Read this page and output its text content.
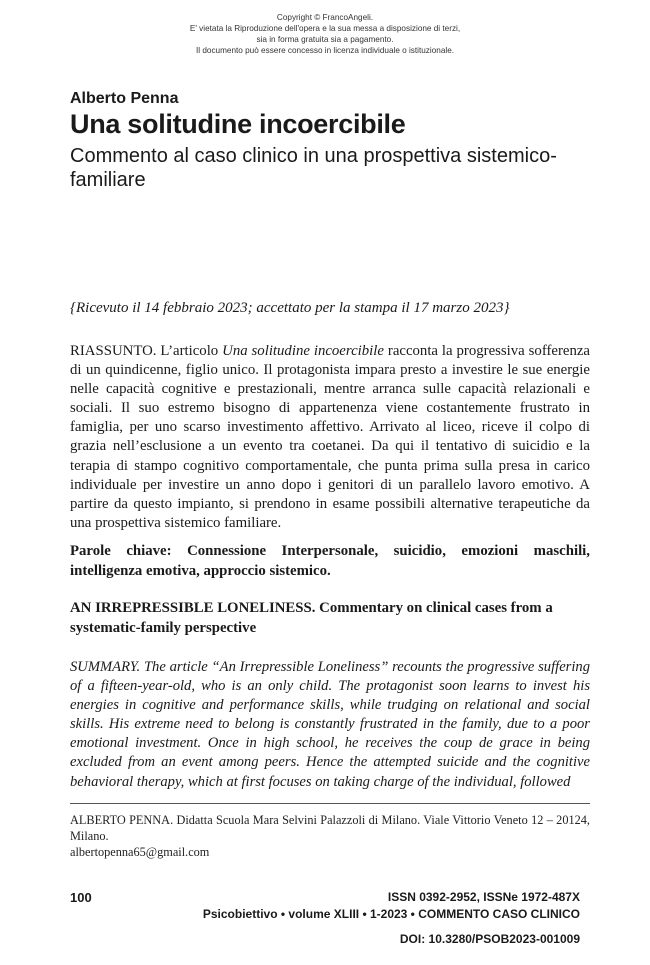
Copyright © FrancoAngeli.
E' vietata la Riproduzione dell'opera e la sua messa a disposizione di terzi,
sia in forma gratuita sia a pagamento.
Il documento può essere concesso in licenza individuale o istituzionale.
Alberto Penna
Una solitudine incoercibile
Commento al caso clinico in una prospettiva sistemico-familiare
{Ricevuto il 14 febbraio 2023; accettato per la stampa il 17 marzo 2023}
RIASSUNTO. L’articolo Una solitudine incoercibile racconta la progressiva sofferenza di un quindicenne, figlio unico. Il protagonista impara presto a investire le sue energie nelle capacità cognitive e prestazionali, mentre arranca sulle capacità relazionali e sociali. Il suo estremo bisogno di appartenenza viene costantemente frustrato in famiglia, per uno scarso investimento affettivo. Arrivato al liceo, riceve il colpo di grazia nell’esclusione a un evento tra coetanei. Da qui il tentativo di suicidio e la terapia di stampo cognitivo comportamentale, che punta prima sulla presa in carico individuale per investire un anno dopo i genitori di un parallelo lavoro emotivo. A partire da questo impianto, si prendono in esame possibili alternative terapeutiche da una prospettiva sistemico familiare.
Parole chiave: Connessione Interpersonale, suicidio, emozioni maschili, intelligenza emotiva, approccio sistemico.
AN IRREPRESSIBLE LONELINESS. Commentary on clinical cases from a systematic-family perspective
SUMMARY. The article “An Irrepressible Loneliness” recounts the progressive suffering of a fifteen-year-old, who is an only child. The protagonist soon learns to invest his energies in cognitive and performance skills, while trudging on relational and social skills. His extreme need to belong is constantly frustrated in the family, due to a poor emotional investment. Once in high school, he receives the coup de grace in being excluded from an event among peers. Hence the attempted suicide and the cognitive behavioral therapy, which at first focuses on taking charge of the individual, followed
ALBERTO PENNA. Didatta Scuola Mara Selvini Palazzoli di Milano. Viale Vittorio Veneto 12 – 20124, Milano.
albertopenna65@gmail.com
100	ISSN 0392-2952, ISSNe 1972-487X
Psicobiettivo • volume XLIII • 1-2023 • COMMENTO CASO CLINICO
DOI: 10.3280/PSOB2023-001009
